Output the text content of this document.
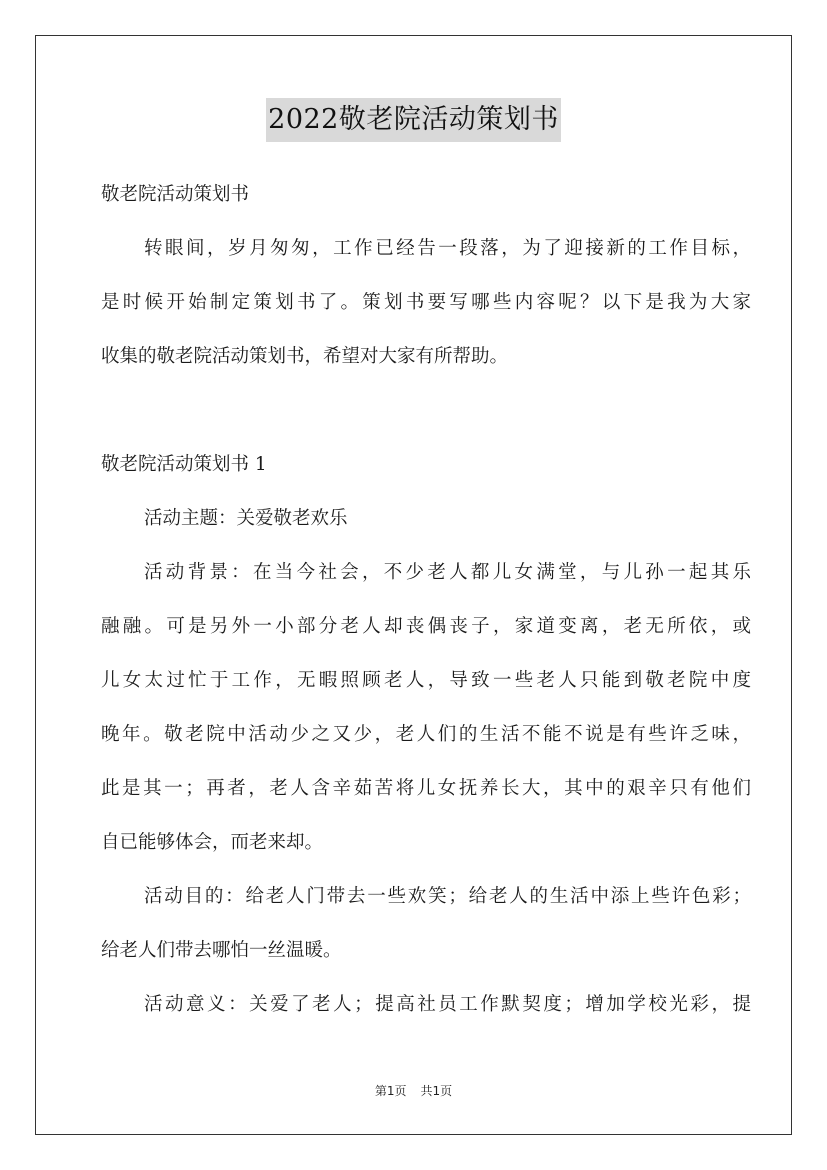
2022敬老院活动策划书
敬老院活动策划书
转眼间，岁月匆匆，工作已经告一段落，为了迎接新的工作目标，
是时候开始制定策划书了。策划书要写哪些内容呢？以下是我为大家
收集的敬老院活动策划书，希望对大家有所帮助。
敬老院活动策划书 1
活动主题：关爱敬老欢乐
活动背景：在当今社会，不少老人都儿女满堂，与儿孙一起其乐
融融。可是另外一小部分老人却丧偶丧子，家道变离，老无所依，或
儿女太过忙于工作，无暇照顾老人，导致一些老人只能到敬老院中度
晚年。敬老院中活动少之又少，老人们的生活不能不说是有些许乏味，
此是其一；再者，老人含辛茹苦将儿女抚养长大，其中的艰辛只有他们
自已能够体会，而老来却。
活动目的：给老人门带去一些欢笑；给老人的生活中添上些许色彩；
给老人们带去哪怕一丝温暖。
活动意义：关爱了老人；提高社员工作默契度；增加学校光彩，提
第1页 共1页
